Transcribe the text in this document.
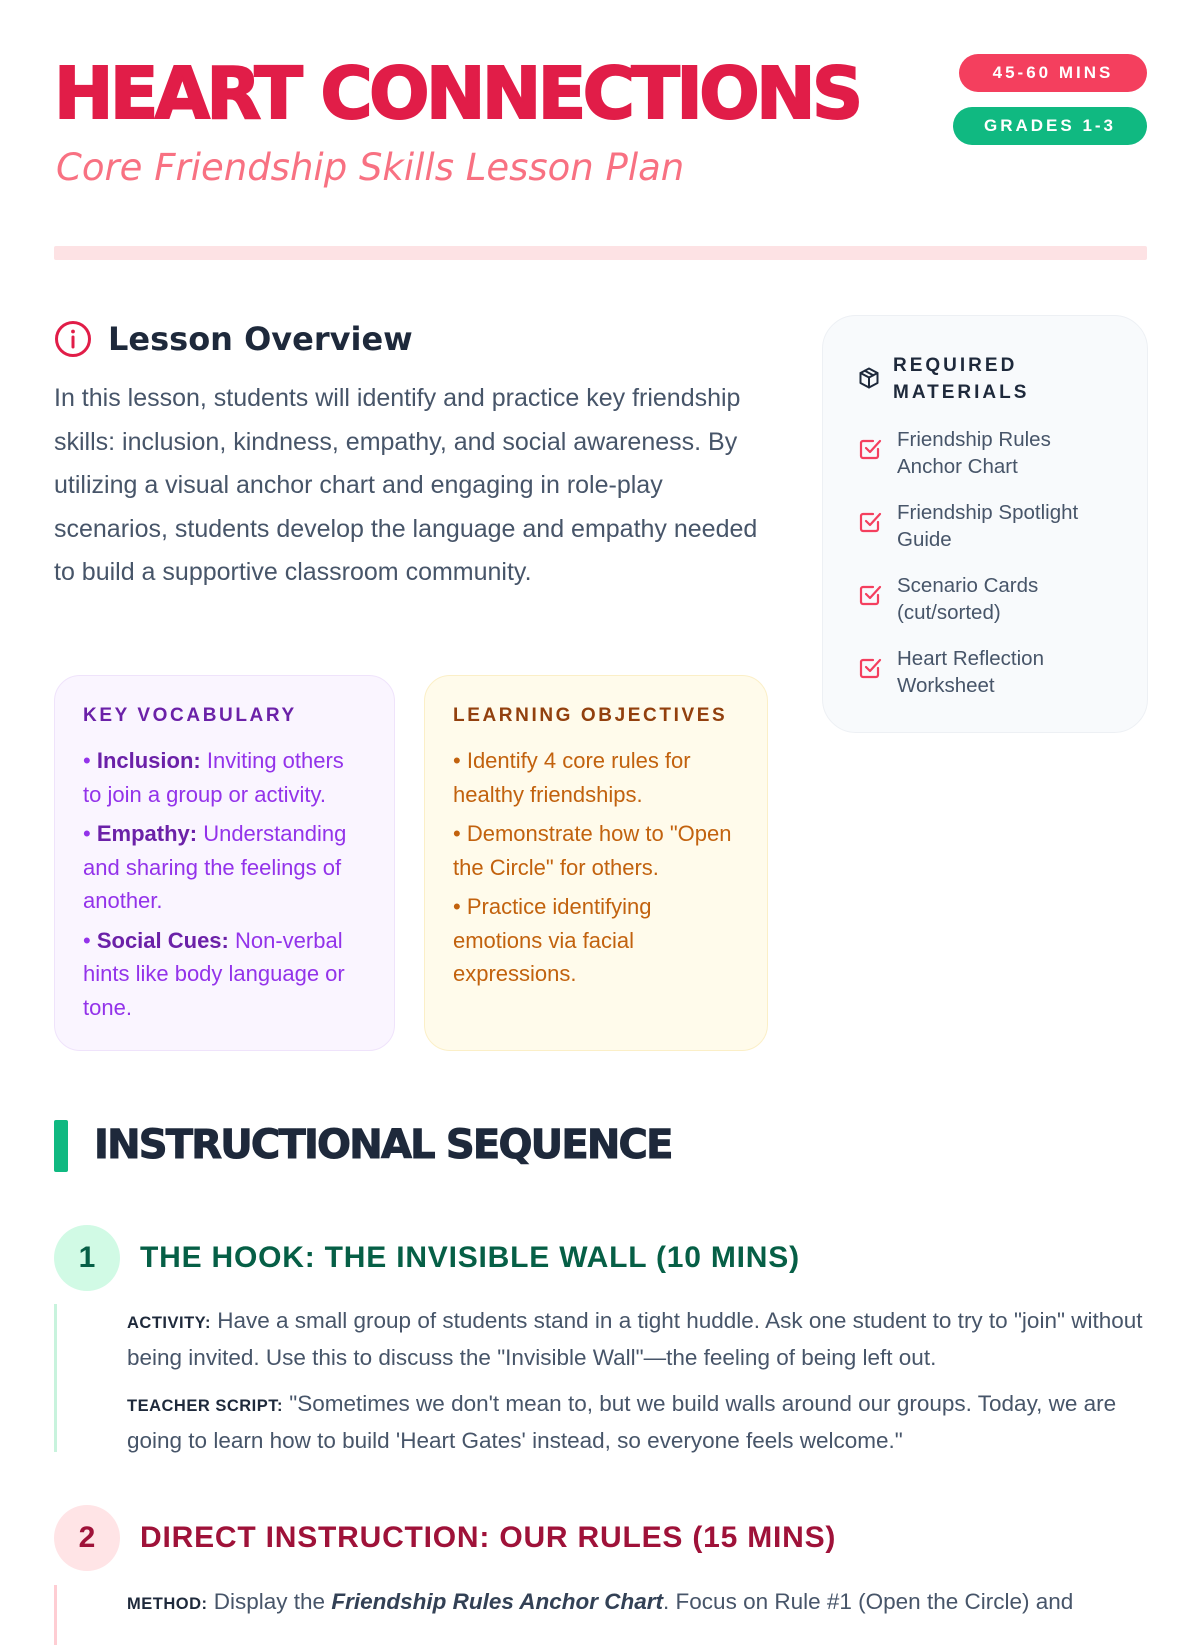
HEART CONNECTIONS
Core Friendship Skills Lesson Plan
45-60 MINS
GRADES 1-3
Lesson Overview

In this lesson, students will identify and practice key friendship skills: inclusion, kindness, empathy, and social awareness. By utilizing a visual anchor chart and engaging in role-play scenarios, students develop the language and empathy needed to build a supportive classroom community.

KEY VOCABULARY
• Inclusion: Inviting others to join a group or activity.
• Empathy: Understanding and sharing the feelings of another.
• Social Cues: Non-verbal hints like body language or tone.
LEARNING OBJECTIVES
• Identify 4 core rules for healthy friendships.
• Demonstrate how to "Open the Circle" for others.
• Practice identifying emotions via facial expressions.
REQUIRED MATERIALS
Friendship Rules Anchor Chart
Friendship Spotlight Guide
Scenario Cards (cut/sorted)
Heart Reflection Worksheet
INSTRUCTIONAL SEQUENCE
1	THE HOOK: THE INVISIBLE WALL (10 MINS)

ACTIVITY: Have a small group of students stand in a tight huddle. Ask one student to try to "join" without being invited. Use this to discuss the "Invisible Wall"—the feeling of being left out.

TEACHER SCRIPT: "Sometimes we don't mean to, but we build walls around our groups. Today, we are going to learn how to build 'Heart Gates' instead, so everyone feels welcome."

2	DIRECT INSTRUCTION: OUR RULES (15 MINS)

METHOD: Display the Friendship Rules Anchor Chart. Focus on Rule #1 (Open the Circle) and
